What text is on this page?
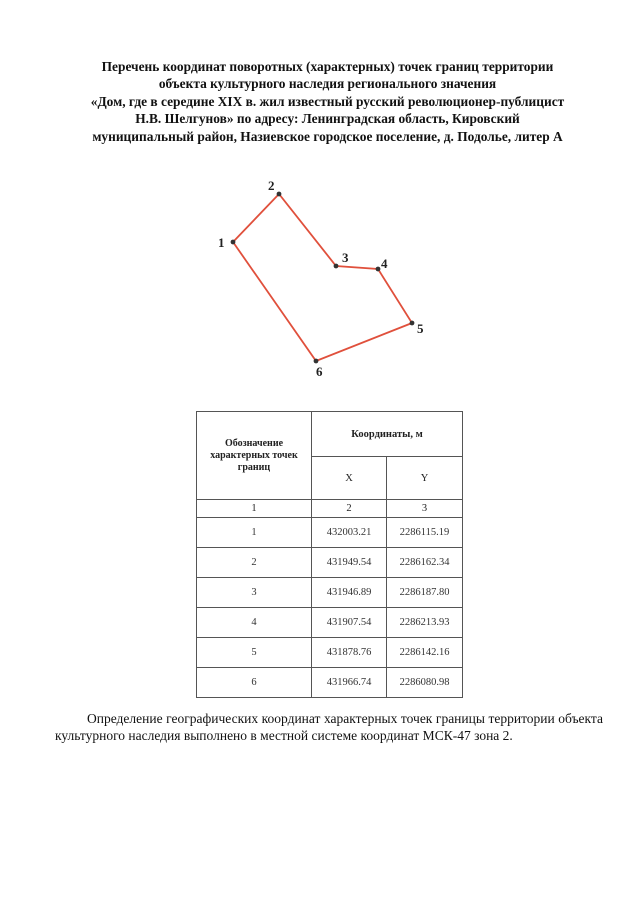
Перечень координат поворотных (характерных) точек границ территории
объекта культурного наследия регионального значения
«Дом, где в середине XIX в. жил известный русский революционер-публицист
Н.В. Шелгунов» по адресу: Ленинградская область, Кировский
муниципальный район, Назиевское городское поселение, д. Подолье, литер А
1
2
3	4
5
6
Обозначение характерных точек границ	Координаты, м	
	X	Y
1	2	3
1	432003.21	2286115.19
2	431949.54	2286162.34
3	431946.89	2286187.80
4	431907.54	2286213.93
5	431878.76	2286142.16
6	431966.74	2286080.98
Определение географических координат характерных точек границы территории объекта культурного наследия выполнено в местной системе координат МСК-47 зона 2.
